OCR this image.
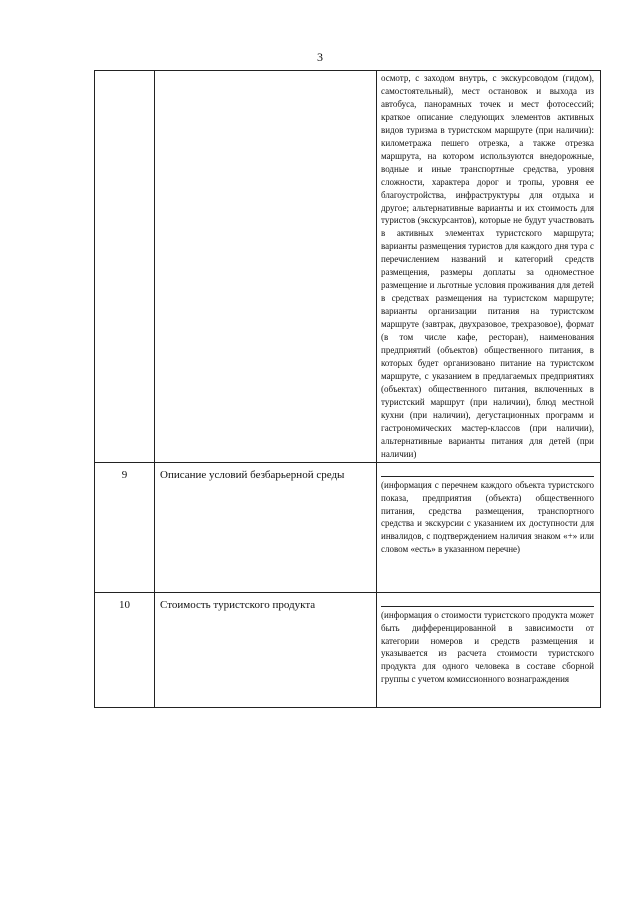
3

		осмотр, с заходом внутрь, с экскурсоводом (гидом), самостоятельный), мест остановок и выхода из автобуса, панорамных точек и мест фотосессий; краткое описание следующих элементов активных видов туризма в туристском маршруте (при наличии): километража пешего отрезка, а также отрезка маршрута, на котором используются внедорожные, водные и иные транспортные средства, уровня сложности, характера дорог и тропы, уровня ее благоустройства, инфраструктуры для отдыха и другое; альтернативные варианты и их стоимость для туристов (экскурсантов), которые не будут участвовать в активных элементах туристского маршрута; варианты размещения туристов для каждого дня тура с перечислением названий и категорий средств размещения, размеры доплаты за одноместное размещение и льготные условия проживания для детей в средствах размещения на туристском маршруте; варианты организации питания на туристском маршруте (завтрак, двухразовое, трехразовое), формат (в том числе кафе, ресторан), наименования предприятий (объектов) общественного питания, в которых будет организовано питание на туристском маршруте, с указанием в предлагаемых предприятиях (объектах) общественного питания, включенных в туристский маршрут (при наличии), блюд местной кухни (при наличии), дегустационных программ и гастрономических мастер-классов (при наличии), альтернативные варианты питания для детей (при наличии)

9	Описание условий безбарьерной среды	(информация с перечнем каждого объекта туристского показа, предприятия (объекта) общественного питания, средства размещения, транспортного средства и экскурсии с указанием их доступности для инвалидов, с подтверждением наличия знаком «+» или словом «есть» в указанном перечне)

10	Стоимость туристского продукта	(информация о стоимости туристского продукта может быть дифференцированной в зависимости от категории номеров и средств размещения и указывается из расчета стоимости туристского продукта для одного человека в составе сборной группы с учетом комиссионного вознаграждения
